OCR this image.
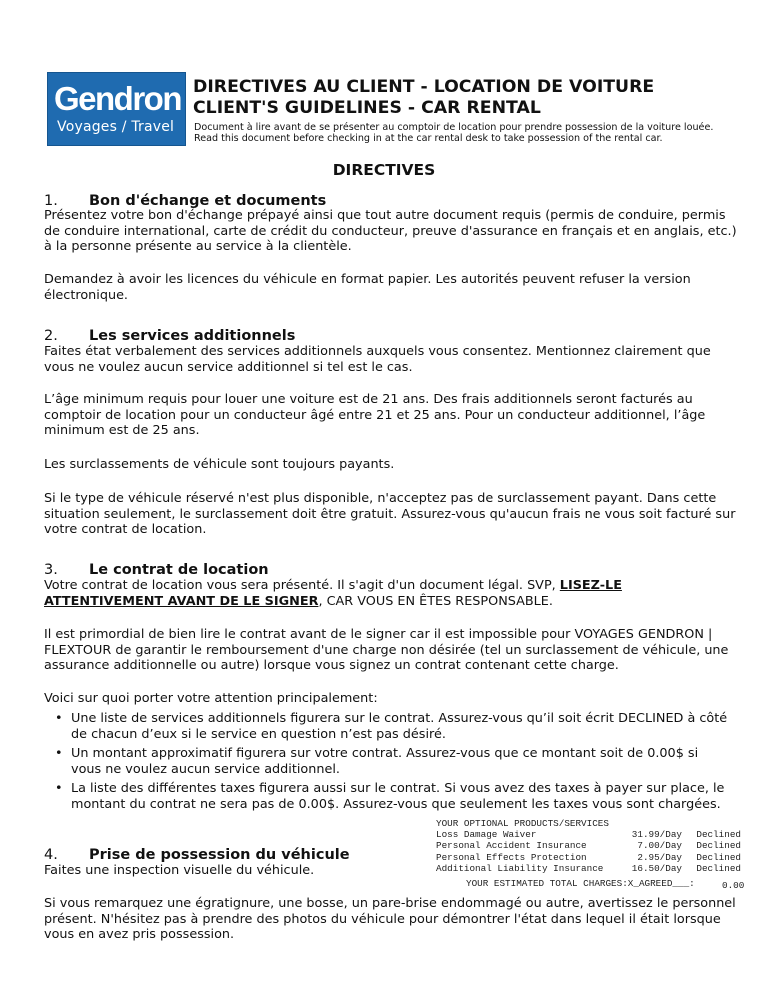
Gendron
Voyages / Travel
DIRECTIVES AU CLIENT - LOCATION DE VOITURE
CLIENT'S GUIDELINES - CAR RENTAL
Document à lire avant de se présenter au comptoir de location pour prendre possession de la voiture louée.
Read this document before checking in at the car rental desk to take possession of the rental car.
DIRECTIVES
1. Bon d'échange et documents

Présentez votre bon d'échange prépayé ainsi que tout autre document requis (permis de conduire, permis de conduire international, carte de crédit du conducteur, preuve d'assurance en français et en anglais, etc.) à la personne présente au service à la clientèle.

Demandez à avoir les licences du véhicule en format papier. Les autorités peuvent refuser la version électronique.

2. Les services additionnels

Faites état verbalement des services additionnels auxquels vous consentez. Mentionnez clairement que vous ne voulez aucun service additionnel si tel est le cas.

L’âge minimum requis pour louer une voiture est de 21 ans. Des frais additionnels seront facturés au comptoir de location pour un conducteur âgé entre 21 et 25 ans. Pour un conducteur additionnel, l’âge minimum est de 25 ans.

Les surclassements de véhicule sont toujours payants.

Si le type de véhicule réservé n'est plus disponible, n'acceptez pas de surclassement payant. Dans cette situation seulement, le surclassement doit être gratuit. Assurez-vous qu'aucun frais ne vous soit facturé sur votre contrat de location.

3. Le contrat de location

Votre contrat de location vous sera présenté. Il s'agit d'un document légal. SVP, LISEZ-LE ATTENTIVEMENT AVANT DE LE SIGNER, CAR VOUS EN ÊTES RESPONSABLE.

Il est primordial de bien lire le contrat avant de le signer car il est impossible pour VOYAGES GENDRON | FLEXTOUR de garantir le remboursement d'une charge non désirée (tel un surclassement de véhicule, une assurance additionnelle ou autre) lorsque vous signez un contrat contenant cette charge.

Voici sur quoi porter votre attention principalement:

• Une liste de services additionnels figurera sur le contrat. Assurez-vous qu’il soit écrit DECLINED à côté de chacun d’eux si le service en question n’est pas désiré.
• Un montant approximatif figurera sur votre contrat. Assurez-vous que ce montant soit de 0.00$ si vous ne voulez aucun service additionnel.
• La liste des différentes taxes figurera aussi sur le contrat. Si vous avez des taxes à payer sur place, le montant du contrat ne sera pas de 0.00$. Assurez-vous que seulement les taxes vous sont chargées.
YOUR OPTIONAL PRODUCTS/SERVICES
Loss Damage Waiver	31.99/Day Declined
Personal Accident Insurance	7.00/Day Declined
Personal Effects Protection	2.95/Day Declined
Additional Liability Insurance	16.50/Day Declined
YOUR ESTIMATED TOTAL CHARGES:X_AGREED___:	0.00
4. Prise de possession du véhicule

Faites une inspection visuelle du véhicule.

Si vous remarquez une égratignure, une bosse, un pare-brise endommagé ou autre, avertissez le personnel présent. N'hésitez pas à prendre des photos du véhicule pour démontrer l'état dans lequel il était lorsque vous en avez pris possession.
